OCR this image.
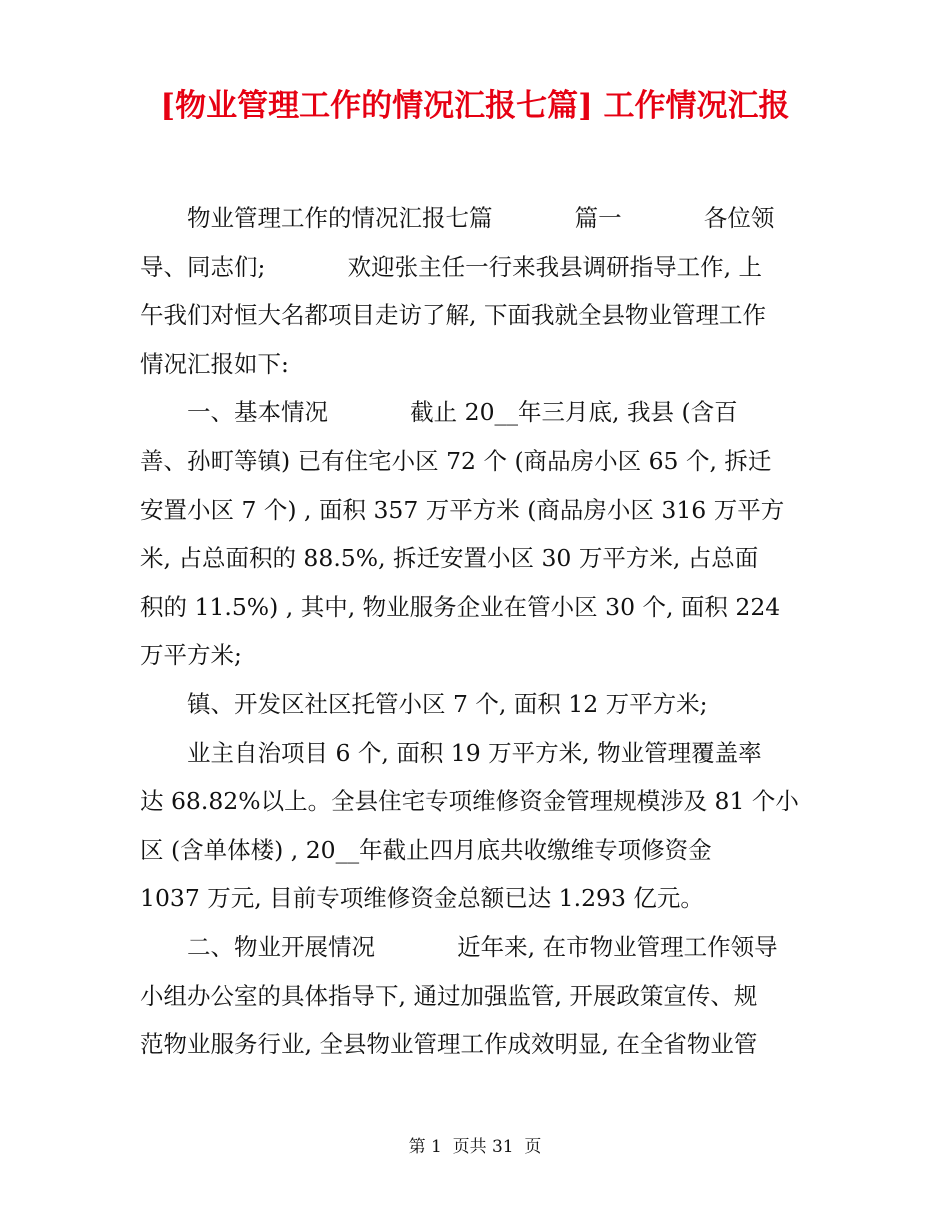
[物业管理工作的情况汇报七篇] 工作情况汇报
物业管理工作的情况汇报七篇           篇一           各位领
导、同志们;           欢迎张主任一行来我县调研指导工作, 上
午我们对恒大名都项目走访了解, 下面我就全县物业管理工作
情况汇报如下:
一、基本情况           截止 20__年三月底, 我县 (含百
善、孙町等镇) 已有住宅小区 72 个 (商品房小区 65 个, 拆迁
安置小区 7 个) , 面积 357 万平方米 (商品房小区 316 万平方
米, 占总面积的 88.5%, 拆迁安置小区 30 万平方米, 占总面
积的 11.5%) , 其中, 物业服务企业在管小区 30 个, 面积 224
万平方米;
镇、开发区社区托管小区 7 个, 面积 12 万平方米;
业主自治项目 6 个, 面积 19 万平方米, 物业管理覆盖率
达 68.82%以上。全县住宅专项维修资金管理规模涉及 81 个小
区 (含单体楼) , 20__年截止四月底共收缴维专项修资金
1037 万元, 目前专项维修资金总额已达 1.293 亿元。
二、物业开展情况           近年来, 在市物业管理工作领导
小组办公室的具体指导下, 通过加强监管, 开展政策宣传、规
范物业服务行业, 全县物业管理工作成效明显, 在全省物业管
第 1  页共 31  页
